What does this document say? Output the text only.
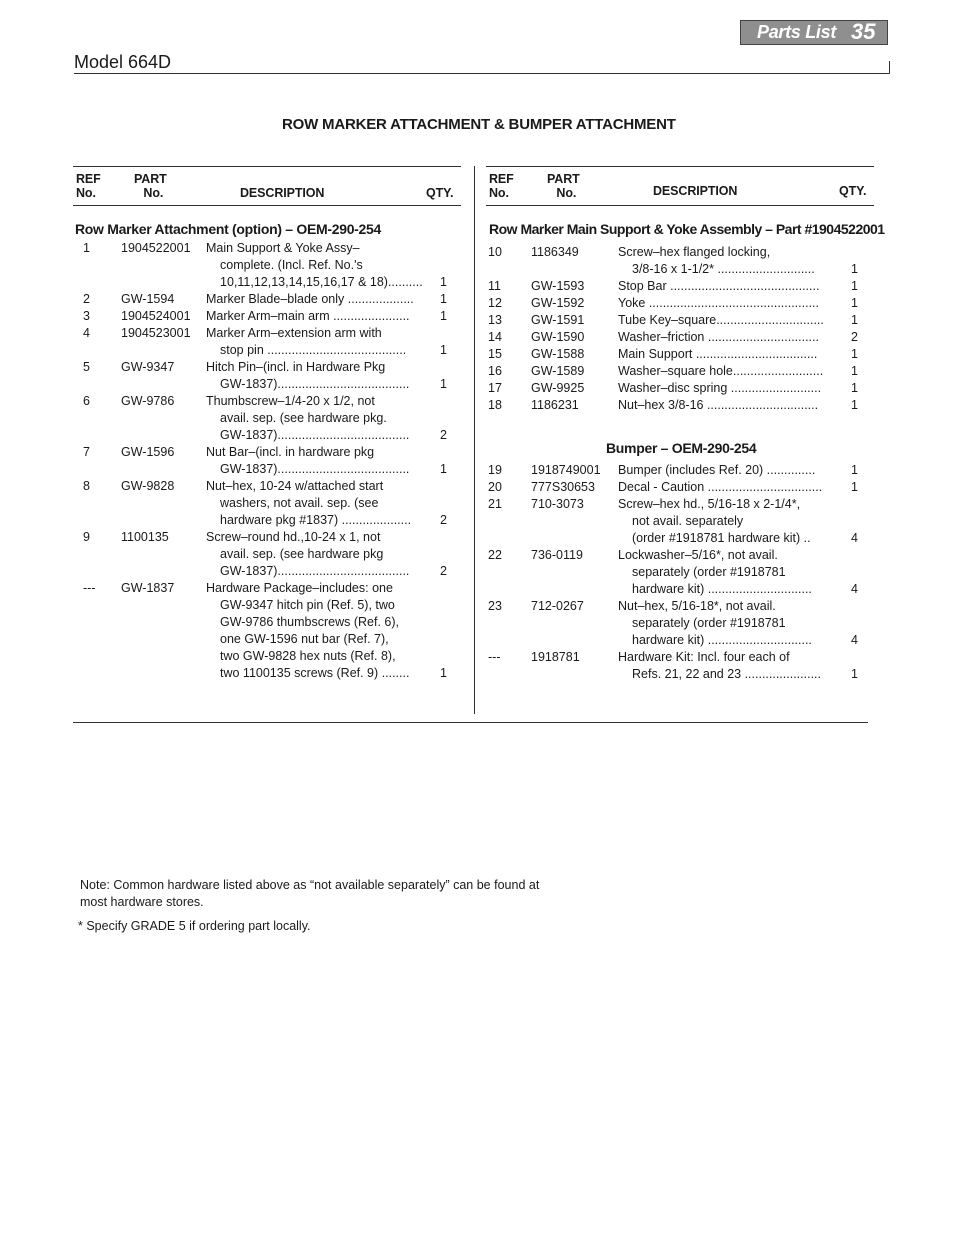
Parts List 35
Model 664D
ROW MARKER ATTACHMENT & BUMPER ATTACHMENT
REF
No.
PART
No.	DESCRIPTION	QTY.
REF
No.
PART
No.	DESCRIPTION	QTY.
Row Marker Attachment (option) – OEM-290-254	Row Marker Main Support & Yoke Assembly – Part #1904522001
Bumper – OEM-290-254
1 1904522001 Main Support & Yoke Assy–
complete. (Incl. Ref. No.'s
10,11,12,13,14,15,16,17 & 18)..........	1
2 GW-1594	Marker Blade–blade only ...................	1
3 1904524001 Marker Arm–main arm ......................	1
4 1904523001 Marker Arm–extension arm with
stop pin ........................................	1
5 GW-9347	Hitch Pin–(incl. in Hardware Pkg
GW-1837)......................................	1
6 GW-9786	Thumbscrew–1/4-20 x 1/2, not
avail. sep. (see hardware pkg.
GW-1837)......................................	2
7 GW-1596	Nut Bar–(incl. in hardware pkg
GW-1837)......................................	1
8 GW-9828	Nut–hex, 10-24 w/attached start
washers, not avail. sep. (see
hardware pkg #1837) ....................	2
9 1100135	Screw–round hd.,10-24 x 1, not
avail. sep. (see hardware pkg
GW-1837)......................................	2
--- GW-1837	Hardware Package–includes: one
GW-9347 hitch pin (Ref. 5), two
GW-9786 thumbscrews (Ref. 6),
one GW-1596 nut bar (Ref. 7),
two GW-9828 hex nuts (Ref. 8),
two 1100135 screws (Ref. 9) ........	1
10 1186349	Screw–hex flanged locking,
3/8-16 x 1-1/2* ............................	1
11 GW-1593	Stop Bar ...........................................	1
12 GW-1592	Yoke .................................................	1
13 GW-1591	Tube Key–square...............................	1
14 GW-1590	Washer–friction ................................	2
15 GW-1588	Main Support ...................................	1
16 GW-1589	Washer–square hole..........................	1
17 GW-9925	Washer–disc spring ..........................	1
18 1186231	Nut–hex 3/8-16 ................................	1
19 1918749001 Bumper (includes Ref. 20) ..............	1
20 777S30653 Decal - Caution .................................	1
21 710-3073	Screw–hex hd., 5/16-18 x 2-1/4*,
not avail. separately
(order #1918781 hardware kit) ..	4
22 736-0119	Lockwasher–5/16*, not avail.
separately (order #1918781
hardware kit) ..............................	4
23 712-0267	Nut–hex, 5/16-18*, not avail.
separately (order #1918781
hardware kit) ..............................	4
--- 1918781	Hardware Kit: Incl. four each of
Refs. 21, 22 and 23 ......................	1
Note: Common hardware listed above as “not available separately” can be found at
most hardware stores.
* Specify GRADE 5 if ordering part locally.
